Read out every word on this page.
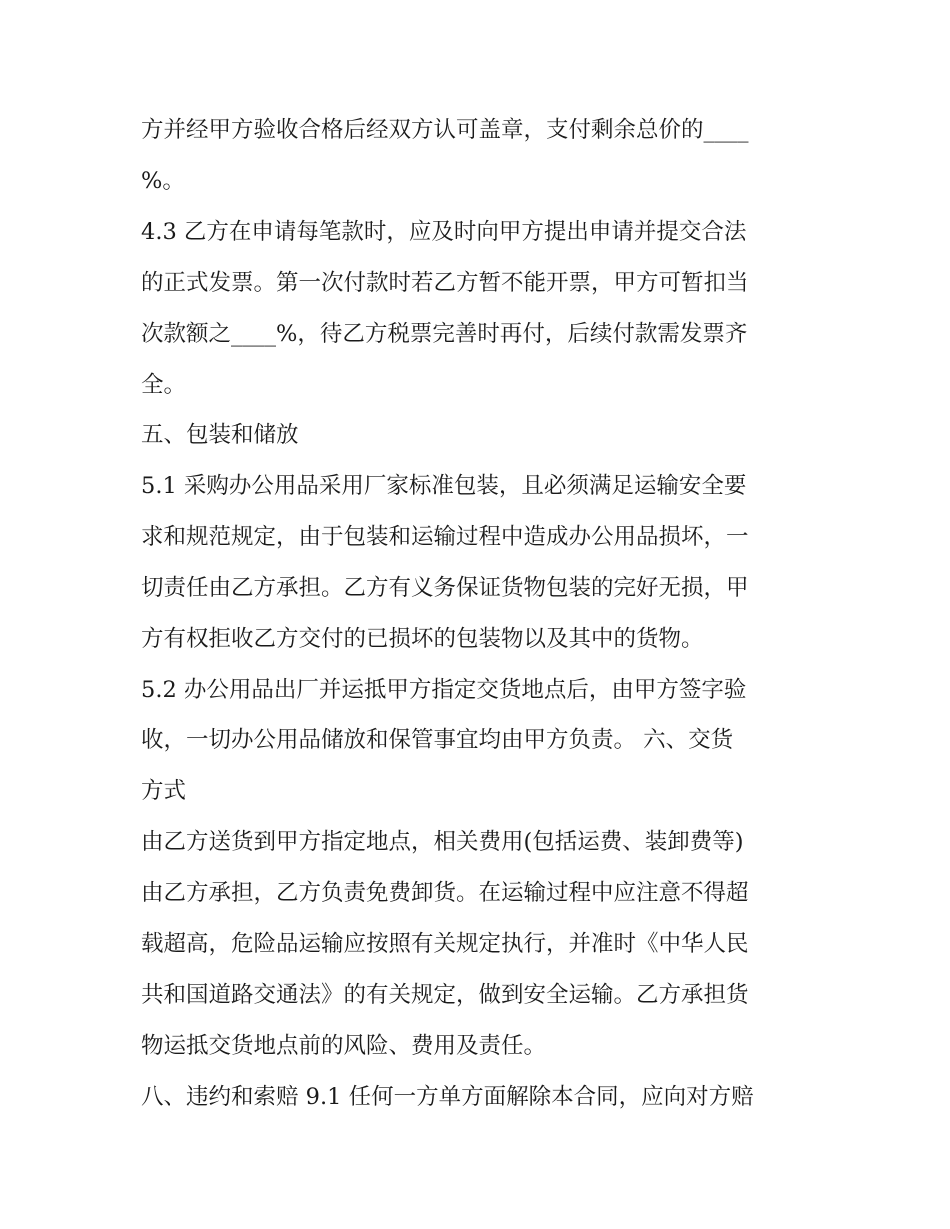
方并经甲方验收合格后经双方认可盖章，支付剩余总价的____
%。
4.3 乙方在申请每笔款时，应及时向甲方提出申请并提交合法
的正式发票。第一次付款时若乙方暂不能开票，甲方可暂扣当
次款额之____%，待乙方税票完善时再付，后续付款需发票齐
全。
五、包装和储放
5.1 采购办公用品采用厂家标准包装，且必须满足运输安全要
求和规范规定，由于包装和运输过程中造成办公用品损坏，一
切责任由乙方承担。乙方有义务保证货物包装的完好无损，甲
方有权拒收乙方交付的已损坏的包装物以及其中的货物。
5.2 办公用品出厂并运抵甲方指定交货地点后，由甲方签字验
收，一切办公用品储放和保管事宜均由甲方负责。 六、交货
方式
由乙方送货到甲方指定地点，相关费用(包括运费、装卸费等)
由乙方承担，乙方负责免费卸货。在运输过程中应注意不得超
载超高，危险品运输应按照有关规定执行，并准时《中华人民
共和国道路交通法》的有关规定，做到安全运输。乙方承担货
物运抵交货地点前的风险、费用及责任。
八、违约和索赔 9.1 任何一方单方面解除本合同，应向对方赔
